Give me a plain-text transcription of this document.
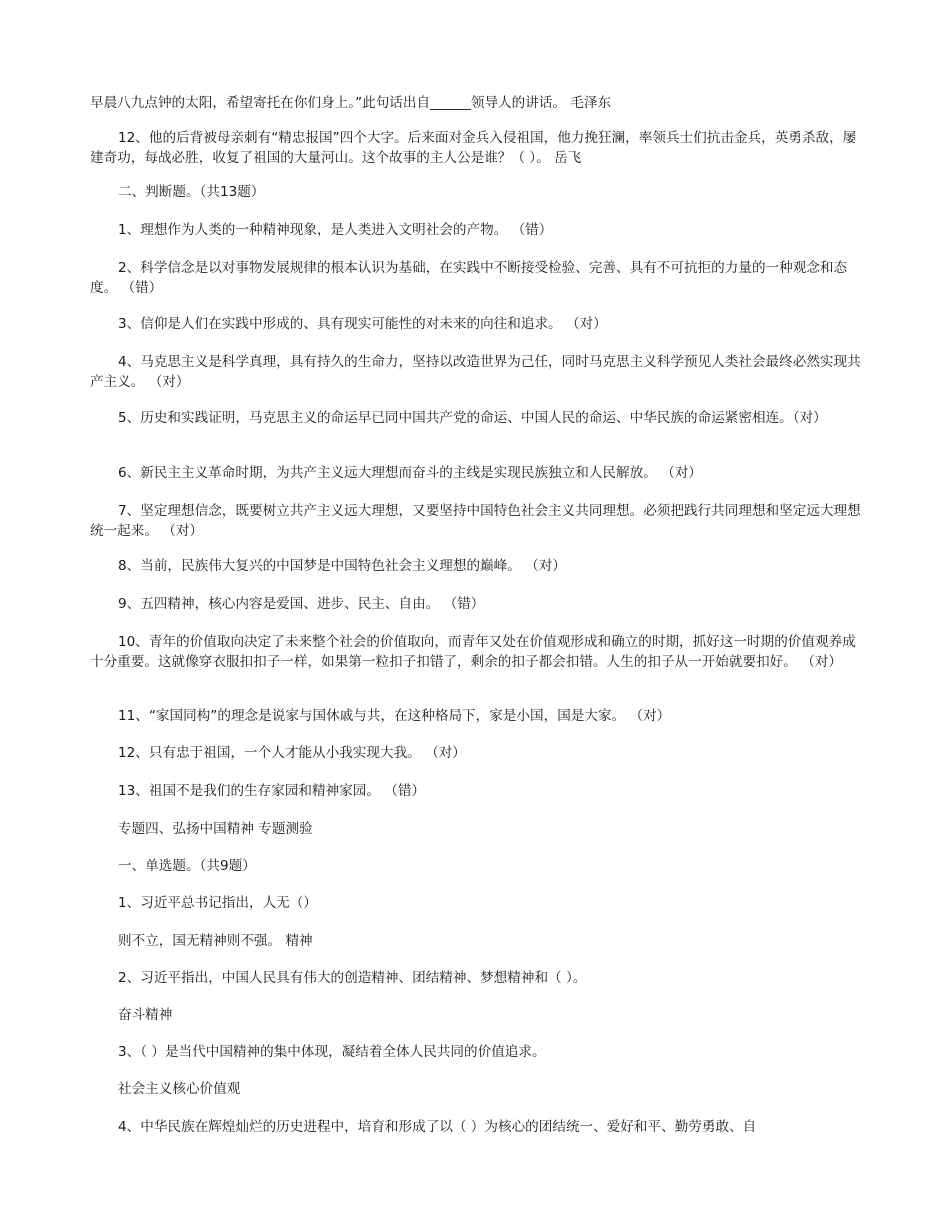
早晨八九点钟的太阳，希望寄托在你们身上。”此句话出自______领导人的讲话。 毛泽东

12、他的后背被母亲刺有“精忠报国”四个大字。后来面对金兵入侵祖国，他力挽狂澜，率领兵士们抗击金兵，英勇杀敌，屡建奇功，每战必胜，收复了祖国的大量河山。这个故事的主人公是谁？（ ）。 岳飞

二、判断题。（共13题）

1、理想作为人类的一种精神现象，是人类进入文明社会的产物。 （错）

2、科学信念是以对事物发展规律的根本认识为基础，在实践中不断接受检验、完善、具有不可抗拒的力量的一种观念和态度。 （错）

3、信仰是人们在实践中形成的、具有现实可能性的对未来的向往和追求。 （对）

4、马克思主义是科学真理，具有持久的生命力，坚持以改造世界为己任，同时马克思主义科学预见人类社会最终必然实现共产主义。 （对）

5、历史和实践证明，马克思主义的命运早已同中国共产党的命运、中国人民的命运、中华民族的命运紧密相连。（对）

6、新民主主义革命时期，为共产主义远大理想而奋斗的主线是实现民族独立和人民解放。 （对）

7、坚定理想信念，既要树立共产主义远大理想，又要坚持中国特色社会主义共同理想。必须把践行共同理想和坚定远大理想统一起来。 （对）

8、当前，民族伟大复兴的中国梦是中国特色社会主义理想的巅峰。 （对）

9、五四精神，核心内容是爱国、进步、民主、自由。 （错）

10、青年的价值取向决定了未来整个社会的价值取向，而青年又处在价值观形成和确立的时期，抓好这一时期的价值观养成十分重要。这就像穿衣服扣扣子一样，如果第一粒扣子扣错了，剩余的扣子都会扣错。人生的扣子从一开始就要扣好。 （对）

11、“家国同构”的理念是说家与国休戚与共，在这种格局下，家是小国，国是大家。 （对）

12、只有忠于祖国，一个人才能从小我实现大我。 （对）

13、祖国不是我们的生存家园和精神家园。 （错）

专题四、弘扬中国精神 专题测验

一、单选题。（共9题）

1、习近平总书记指出，人无（）

则不立，国无精神则不强。 精神

2、习近平指出，中国人民具有伟大的创造精神、团结精神、梦想精神和（ ）。

奋斗精神

3、（ ）是当代中国精神的集中体现，凝结着全体人民共同的价值追求。

社会主义核心价值观

4、中华民族在辉煌灿烂的历史进程中，培育和形成了以（ ）为核心的团结统一、爱好和平、勤劳勇敢、自
